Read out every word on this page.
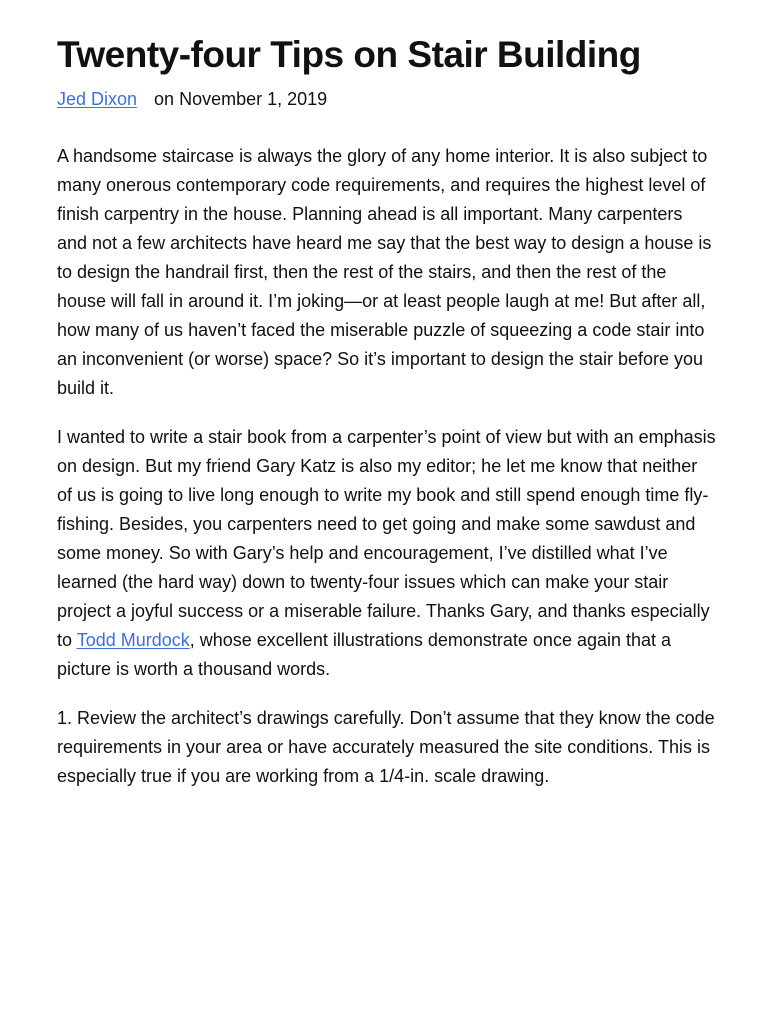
Twenty-four Tips on Stair Building
Jed Dixon on November 1, 2019

A handsome staircase is always the glory of any home interior. It is also subject to many onerous contemporary code requirements, and requires the highest level of finish carpentry in the house. Planning ahead is all important. Many carpenters and not a few architects have heard me say that the best way to design a house is to design the handrail first, then the rest of the stairs, and then the rest of the house will fall in around it. I’m joking—or at least people laugh at me! But after all, how many of us haven’t faced the miserable puzzle of squeezing a code stair into an inconvenient (or worse) space? So it’s important to design the stair before you build it.

I wanted to write a stair book from a carpenter’s point of view but with an emphasis on design. But my friend Gary Katz is also my editor; he let me know that neither of us is going to live long enough to write my book and still spend enough time fly-fishing. Besides, you carpenters need to get going and make some sawdust and some money. So with Gary’s help and encouragement, I’ve distilled what I’ve learned (the hard way) down to twenty-four issues which can make your stair project a joyful success or a miserable failure. Thanks Gary, and thanks especially to Todd Murdock, whose excellent illustrations demonstrate once again that a picture is worth a thousand words.

1. Review the architect’s drawings carefully. Don’t assume that they know the code requirements in your area or have accurately measured the site conditions. This is especially true if you are working from a 1/4-in. scale drawing.
